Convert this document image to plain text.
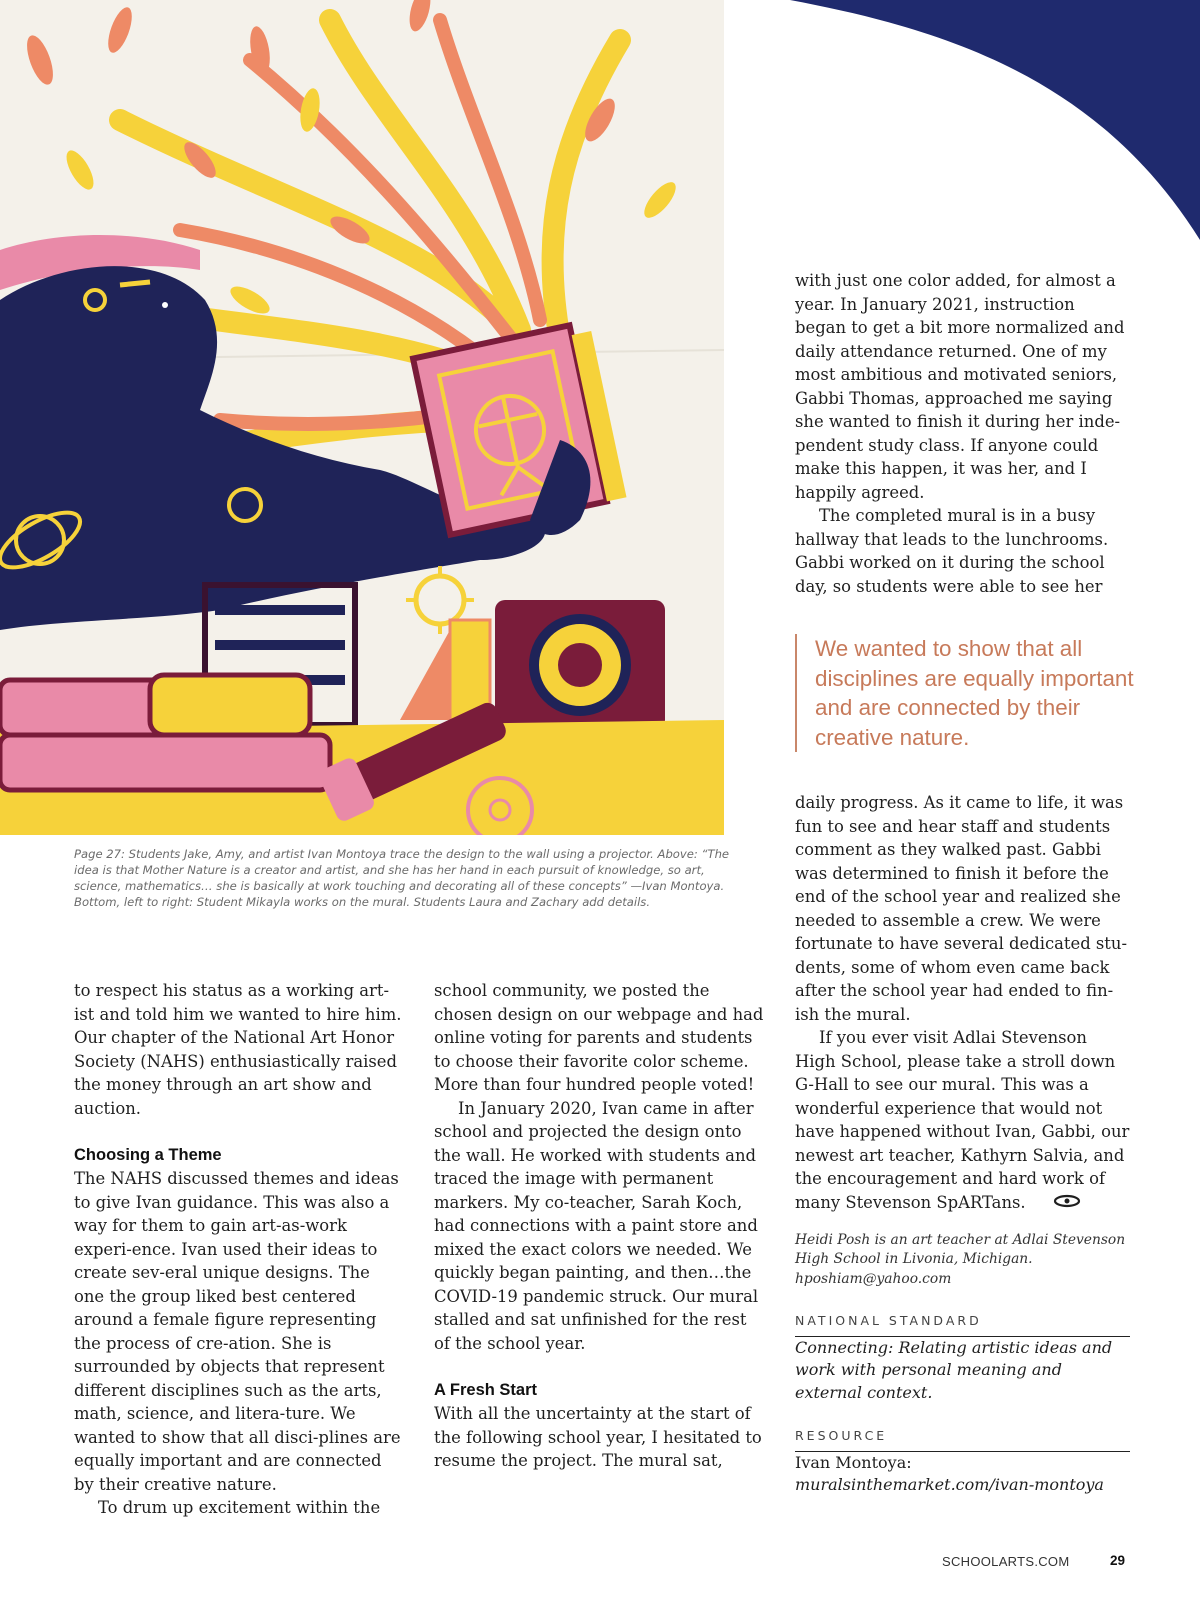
Page 27: Students Jake, Amy, and artist Ivan Montoya trace the design to the wall using a projector. Above: “The idea is that Mother Nature is a creator and artist, and she has her hand in each pursuit of knowledge, so art, science, mathematics… she is basically at work touching and decorating all of these concepts” —Ivan Montoya. Bottom, left to right: Student Mikayla works on the mural. Students Laura and Zachary add details.

to respect his status as a working art-ist and told him we wanted to hire him. Our chapter of the National Art Honor Society (NAHS) enthusiastically raised the money through an art show and auction.

Choosing a Theme

The NAHS discussed themes and ideas to give Ivan guidance. This was also a way for them to gain art-as-work experi-ence. Ivan used their ideas to create sev-eral unique designs. The one the group liked best centered around a female figure representing the process of cre-ation. She is surrounded by objects that represent different disciplines such as the arts, math, science, and litera-ture. We wanted to show that all disci-plines are equally important and are connected by their creative nature.

To drum up excitement within the

school community, we posted the chosen design on our webpage and had online voting for parents and students to choose their favorite color scheme. More than four hundred people voted!

In January 2020, Ivan came in after school and projected the design onto the wall. He worked with students and traced the image with permanent markers. My co-teacher, Sarah Koch, had connections with a paint store and mixed the exact colors we needed. We quickly began painting, and then…the COVID-19 pandemic struck. Our mural stalled and sat unfinished for the rest of the school year.

A Fresh Start

With all the uncertainty at the start of the following school year, I hesitated to resume the project. The mural sat,

with just one color added, for almost a year. In January 2021, instruction began to get a bit more normalized and daily attendance returned. One of my most ambitious and motivated seniors, Gabbi Thomas, approached me saying she wanted to finish it during her inde-pendent study class. If anyone could make this happen, it was her, and I happily agreed.

The completed mural is in a busy hallway that leads to the lunchrooms. Gabbi worked on it during the school day, so students were able to see her

We wanted to show that all disciplines are equally important and are connected by their creative nature.

daily progress. As it came to life, it was fun to see and hear staff and students comment as they walked past. Gabbi was determined to finish it before the end of the school year and realized she needed to assemble a crew. We were fortunate to have several dedicated stu-dents, some of whom even came back after the school year had ended to fin-ish the mural.

If you ever visit Adlai Stevenson High School, please take a stroll down G-Hall to see our mural. This was a wonderful experience that would not have happened without Ivan, Gabbi, our newest art teacher, Kathyrn Salvia, and the encouragement and hard work of many Stevenson SpARTans.

Heidi Posh is an art teacher at Adlai Stevenson High School in Livonia, Michigan. hposhiam@yahoo.com

NATIONAL STANDARD

Connecting: Relating artistic ideas and work with personal meaning and external context.

RESOURCE

Ivan Montoya:

muralsinthemarket.com/ivan-montoya

SCHOOLARTS.COM	29
